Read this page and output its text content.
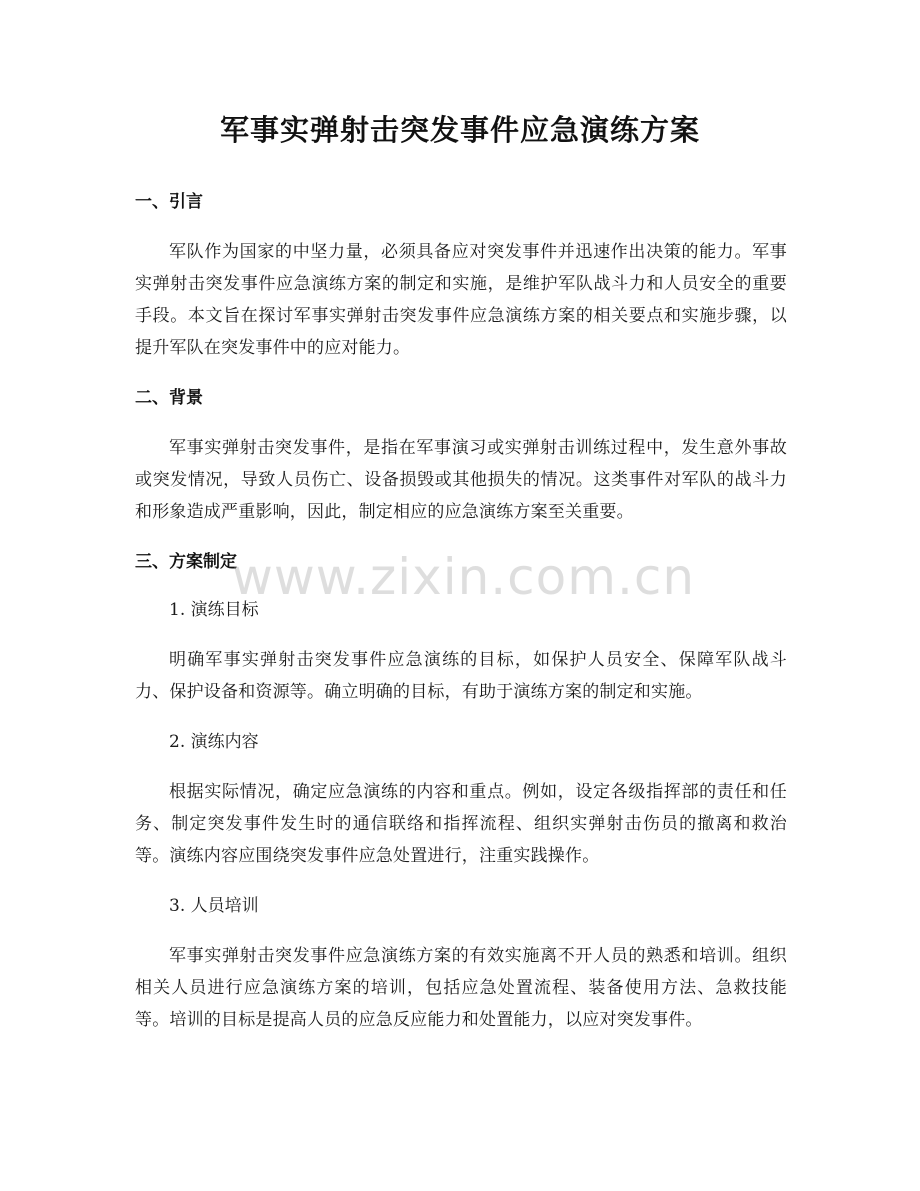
军事实弹射击突发事件应急演练方案
一、引言

军队作为国家的中坚力量，必须具备应对突发事件并迅速作出决策的能力。军事实弹射击突发事件应急演练方案的制定和实施，是维护军队战斗力和人员安全的重要手段。本文旨在探讨军事实弹射击突发事件应急演练方案的相关要点和实施步骤，以提升军队在突发事件中的应对能力。

二、背景

军事实弹射击突发事件，是指在军事演习或实弹射击训练过程中，发生意外事故或突发情况，导致人员伤亡、设备损毁或其他损失的情况。这类事件对军队的战斗力和形象造成严重影响，因此，制定相应的应急演练方案至关重要。

三、方案制定
1. 演练目标

明确军事实弹射击突发事件应急演练的目标，如保护人员安全、保障军队战斗力、保护设备和资源等。确立明确的目标，有助于演练方案的制定和实施。

2. 演练内容

根据实际情况，确定应急演练的内容和重点。例如，设定各级指挥部的责任和任务、制定突发事件发生时的通信联络和指挥流程、组织实弹射击伤员的撤离和救治等。演练内容应围绕突发事件应急处置进行，注重实践操作。

3. 人员培训

军事实弹射击突发事件应急演练方案的有效实施离不开人员的熟悉和培训。组织相关人员进行应急演练方案的培训，包括应急处置流程、装备使用方法、急救技能等。培训的目标是提高人员的应急反应能力和处置能力，以应对突发事件。

www.zixin.com.cn
